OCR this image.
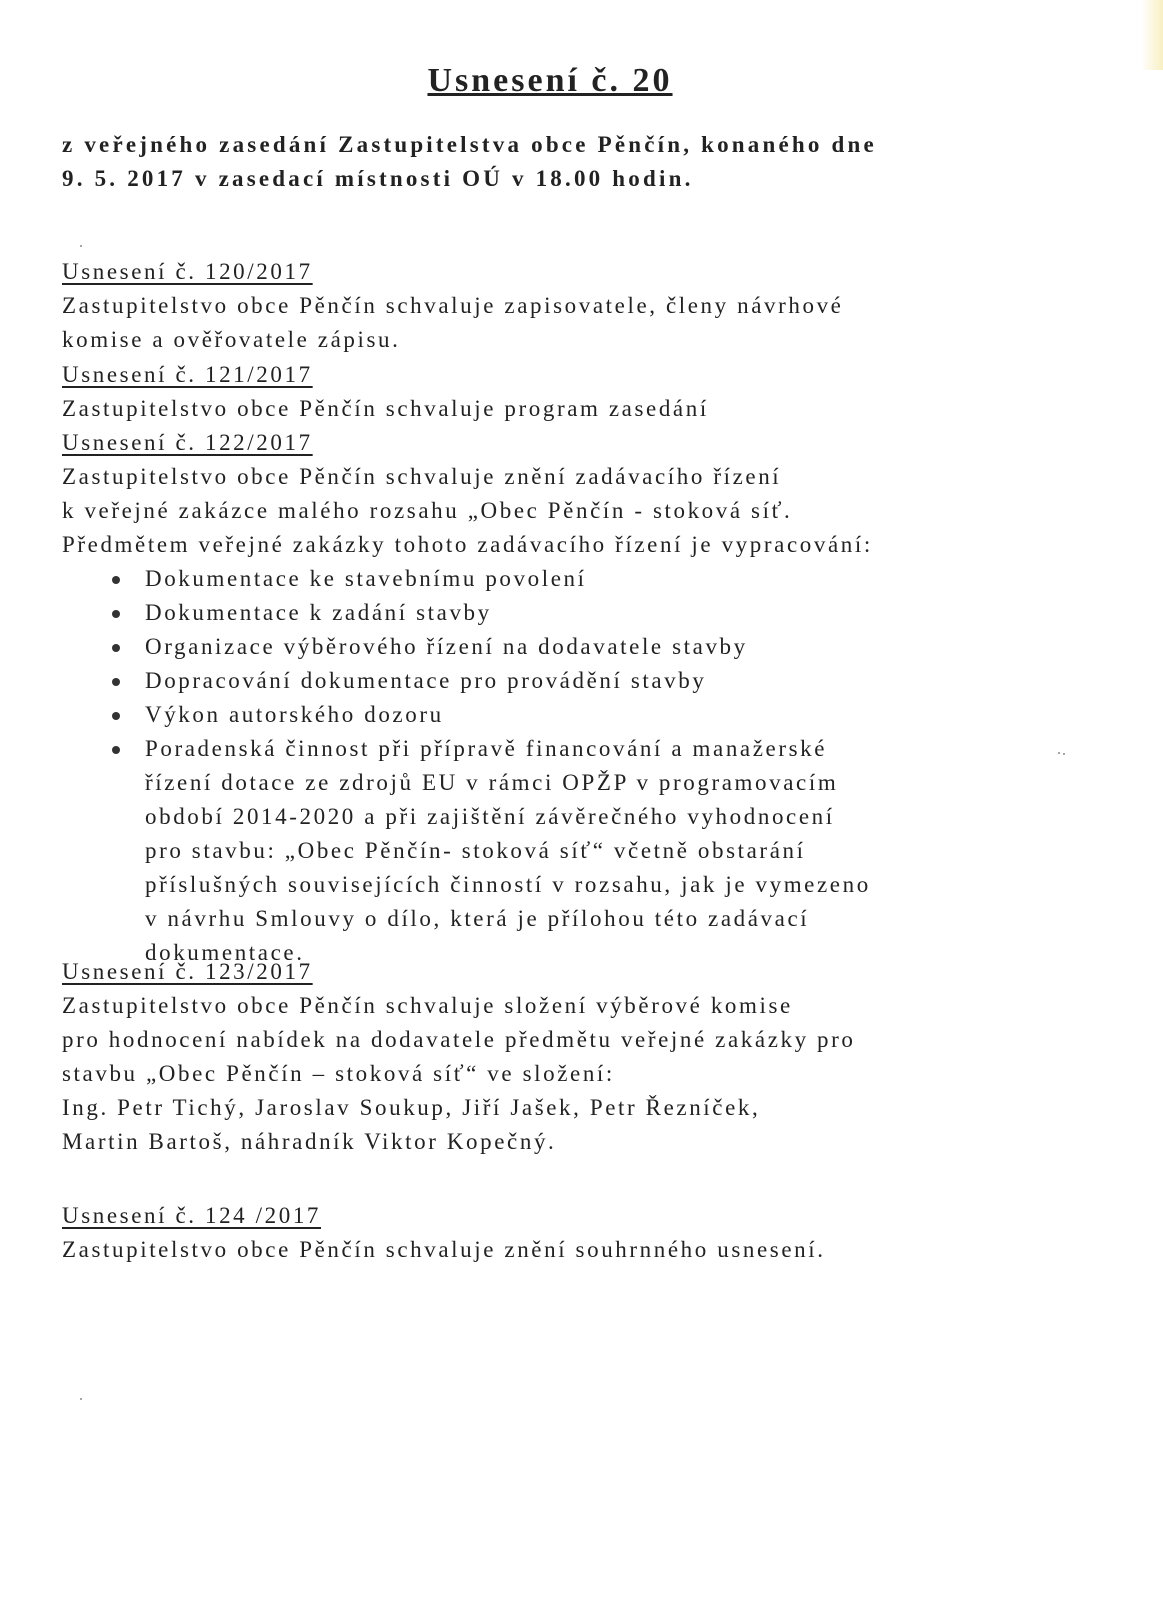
Usnesení č. 20
z veřejného zasedání Zastupitelstva obce Pěnčín, konaného dne
9. 5. 2017 v zasedací místnosti OÚ v 18.00 hodin.
Usnesení č. 120/2017
Zastupitelstvo obce Pěnčín schvaluje zapisovatele, členy návrhové
komise a ověřovatele zápisu.
Usnesení č. 121/2017
Zastupitelstvo obce Pěnčín schvaluje program zasedání
Usnesení č. 122/2017
Zastupitelstvo obce Pěnčín schvaluje znění zadávacího řízení
k veřejné zakázce malého rozsahu „Obec Pěnčín - stoková síť.
Předmětem veřejné zakázky tohoto zadávacího řízení je vypracování:
Dokumentace ke stavebnímu povolení
Dokumentace k zadání stavby
Organizace výběrového řízení na dodavatele stavby
Dopracování dokumentace pro provádění stavby
Výkon autorského dozoru
Poradenská činnost při přípravě financování a manažerské
řízení dotace ze zdrojů EU v rámci OPŽP v programovacím
období 2014-2020 a při zajištění závěrečného vyhodnocení
pro stavbu: „Obec Pěnčín- stoková síť“ včetně obstarání
příslušných souvisejících činností v rozsahu, jak je vymezeno
v návrhu Smlouvy o dílo, která je přílohou této zadávací
dokumentace.
Usnesení č. 123/2017
Zastupitelstvo obce Pěnčín schvaluje složení výběrové komise
pro hodnocení nabídek na dodavatele předmětu veřejné zakázky pro
stavbu „Obec Pěnčín – stoková síť“ ve složení:
Ing. Petr Tichý, Jaroslav Soukup, Jiří Jašek, Petr Řezníček,
Martin Bartoš, náhradník Viktor Kopečný.
Usnesení č. 124 /2017
Zastupitelstvo obce Pěnčín schvaluje znění souhrnného usnesení.
